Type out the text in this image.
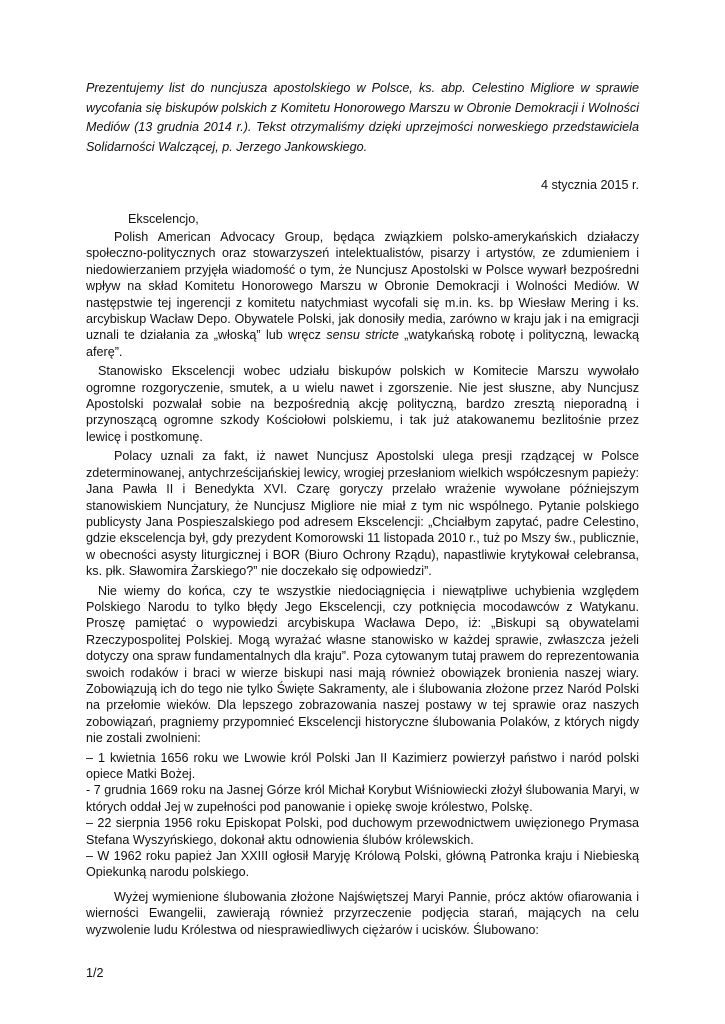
Prezentujemy list do nuncjusza apostolskiego w Polsce, ks. abp. Celestino Migliore w sprawie wycofania się biskupów polskich z Komitetu Honorowego Marszu w Obronie Demokracji i Wolności Mediów (13 grudnia 2014 r.). Tekst otrzymaliśmy dzięki uprzejmości norweskiego przedstawiciela Solidarności Walczącej, p. Jerzego Jankowskiego.

4 stycznia 2015 r.

Ekscelencjo,

Polish American Advocacy Group, będąca związkiem polsko-amerykańskich działaczy społeczno-politycznych oraz stowarzyszeń intelektualistów, pisarzy i artystów, ze zdumieniem i niedowierzaniem przyjęła wiadomość o tym, że Nuncjusz Apostolski w Polsce wywarł bezpośredni wpływ na skład Komitetu Honorowego Marszu w Obronie Demokracji i Wolności Mediów. W następstwie tej ingerencji z komitetu natychmiast wycofali się m.in. ks. bp Wiesław Mering i ks. arcybiskup Wacław Depo. Obywatele Polski, jak donosiły media, zarówno w kraju jak i na emigracji uznali te działania za „włoską” lub wręcz sensu stricte „watykańską robotę i polityczną, lewacką aferę”.

Stanowisko Ekscelencji wobec udziału biskupów polskich w Komitecie Marszu wywołało ogromne rozgoryczenie, smutek, a u wielu nawet i zgorszenie. Nie jest słuszne, aby Nuncjusz Apostolski pozwalał sobie na bezpośrednią akcję polityczną, bardzo zresztą nieporadną i przynoszącą ogromne szkody Kościołowi polskiemu, i tak już atakowanemu bezlitośnie przez lewicę i postkomunę.

Polacy uznali za fakt, iż nawet Nuncjusz Apostolski ulega presji rządzącej w Polsce zdeterminowanej, antychrześcijańskiej lewicy, wrogiej przesłaniom wielkich współczesnym papieży: Jana Pawła II i Benedykta XVI. Czarę goryczy przelało wrażenie wywołane późniejszym stanowiskiem Nuncjatury, że Nuncjusz Migliore nie miał z tym nic wspólnego. Pytanie polskiego publicysty Jana Pospieszalskiego pod adresem Ekscelencji: „Chciałbym zapytać, padre Celestino, gdzie ekscelencja był, gdy prezydent Komorowski 11 listopada 2010 r., tuż po Mszy św., publicznie, w obecności asysty liturgicznej i BOR (Biuro Ochrony Rządu), napastliwie krytykował celebransa, ks. płk. Sławomira Żarskiego?” nie doczekało się odpowiedzi”.

Nie wiemy do końca, czy te wszystkie niedociągnięcia i niewątpliwe uchybienia względem Polskiego Narodu to tylko błędy Jego Ekscelencji, czy potknięcia mocodawców z Watykanu. Proszę pamiętać o wypowiedzi arcybiskupa Wacława Depo, iż: „Biskupi są obywatelami Rzeczypospolitej Polskiej. Mogą wyrażać własne stanowisko w każdej sprawie, zwłaszcza jeżeli dotyczy ona spraw fundamentalnych dla kraju”. Poza cytowanym tutaj prawem do reprezentowania swoich rodaków i braci w wierze biskupi nasi mają również obowiązek bronienia naszej wiary. Zobowiązują ich do tego nie tylko Święte Sakramenty, ale i ślubowania złożone przez Naród Polski na przełomie wieków. Dla lepszego zobrazowania naszej postawy w tej sprawie oraz naszych zobowiązań, pragniemy przypomnieć Ekscelencji historyczne ślubowania Polaków, z których nigdy nie zostali zwolnieni:

– 1 kwietnia 1656 roku we Lwowie król Polski Jan II Kazimierz powierzył państwo i naród polski opiece Matki Bożej.

- 7 grudnia 1669 roku na Jasnej Górze król Michał Korybut Wiśniowiecki złożył ślubowania Maryi, w których oddał Jej w zupełności pod panowanie i opiekę swoje królestwo, Polskę.

– 22 sierpnia 1956 roku Episkopat Polski, pod duchowym przewodnictwem uwięzionego Prymasa Stefana Wyszyńskiego, dokonał aktu odnowienia ślubów królewskich.

– W 1962 roku papież Jan XXIII ogłosił Maryję Królową Polski, główną Patronka kraju i Niebieską Opiekunką narodu polskiego.

Wyżej wymienione ślubowania złożone Najświętszej Maryi Pannie, prócz aktów ofiarowania i wierności Ewangelii, zawierają również przyrzeczenie podjęcia starań, mających na celu wyzwolenie ludu Królestwa od niesprawiedliwych ciężarów i ucisków. Ślubowano:

1/2
